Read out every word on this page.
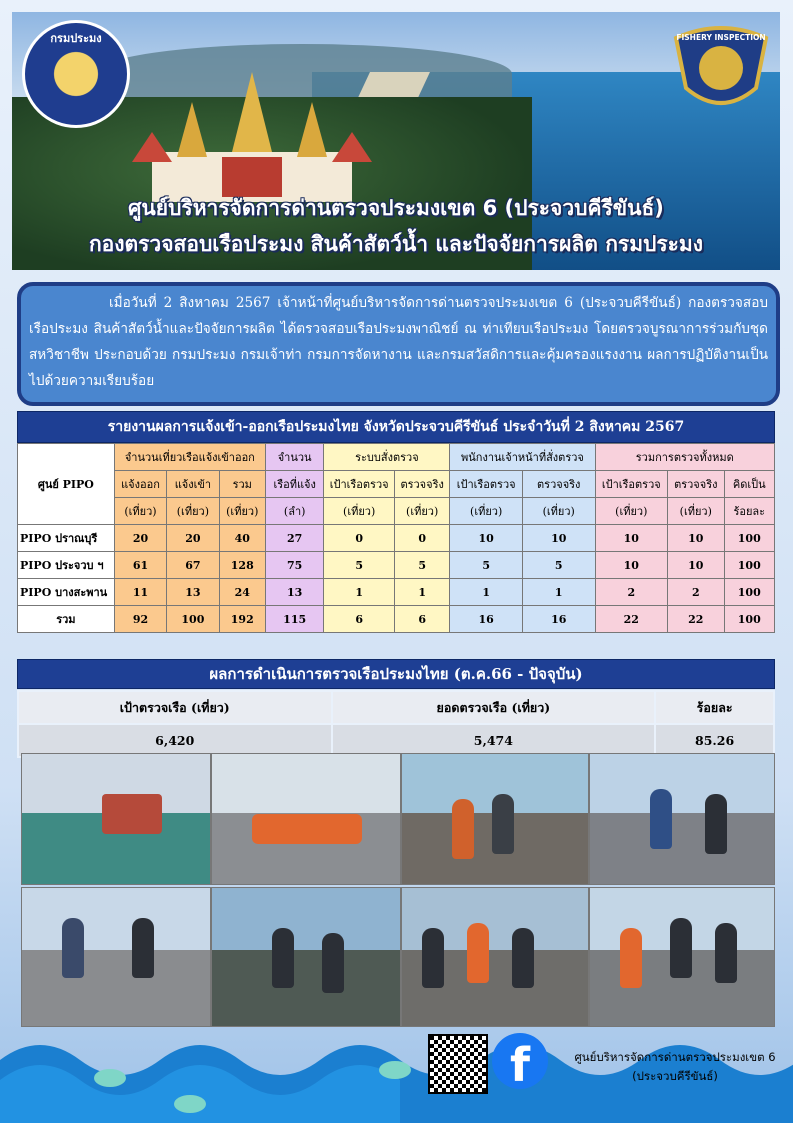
กรมประมง	FISHERY INSPECTION
ศูนย์บริหารจัดการด่านตรวจประมงเขต 6 (ประจวบคีรีขันธ์)
กองตรวจสอบเรือประมง สินค้าสัตว์น้ำ และปัจจัยการผลิต กรมประมง

เมื่อวันที่ 2 สิงหาคม 2567 เจ้าหน้าที่ศูนย์บริหารจัดการด่านตรวจประมงเขต 6 (ประจวบคีรีขันธ์) กองตรวจสอบเรือประมง สินค้าสัตว์น้ำและปัจจัยการผลิต ได้ตรวจสอบเรือประมงพาณิชย์ ณ ท่าเทียบเรือประมง โดยตรวจบูรณาการร่วมกับชุดสหวิชาชีพ ประกอบด้วย กรมประมง กรมเจ้าท่า กรมการจัดหางาน และกรมสวัสดิการและคุ้มครองแรงงาน ผลการปฏิบัติงานเป็นไปด้วยความเรียบร้อย

รายงานผลการแจ้งเข้า-ออกเรือประมงไทย จังหวัดประจวบคีรีขันธ์ ประจำวันที่ 2 สิงหาคม 2567
ศูนย์ PIPO	จำนวนเที่ยวเรือแจ้งเข้าออก			จำนวน	ระบบสั่งตรวจ		พนักงานเจ้าหน้าที่สั่งตรวจ		รวมการตรวจทั้งหมด		
	แจ้งออก	แจ้งเข้า	รวม	เรือที่แจ้ง	เป้าเรือตรวจ	ตรวจจริง	เป้าเรือตรวจ	ตรวจจริง	เป้าเรือตรวจ	ตรวจจริง	คิดเป็น
	(เที่ยว)	(เที่ยว)	(เที่ยว)	(ลำ)	(เที่ยว)	(เที่ยว)	(เที่ยว)	(เที่ยว)	(เที่ยว)	(เที่ยว)	ร้อยละ
PIPO ปราณบุรี	20	20	40	27	0	0	10	10	10	10	100
PIPO ประจวบ ฯ	61	67	128	75	5	5	5	5	10	10	100
PIPO บางสะพาน	11	13	24	13	1	1	1	1	2	2	100
รวม	92	100	192	115	6	6	16	16	22	22	100
ผลการดำเนินการตรวจเรือประมงไทย (ต.ค.66 - ปัจจุบัน)
เป้าตรวจเรือ (เที่ยว)	ยอดตรวจเรือ (เที่ยว)	ร้อยละ
6,420	5,474	85.26
f	ศูนย์บริหารจัดการด่านตรวจประมงเขต 6
(ประจวบคีรีขันธ์)
